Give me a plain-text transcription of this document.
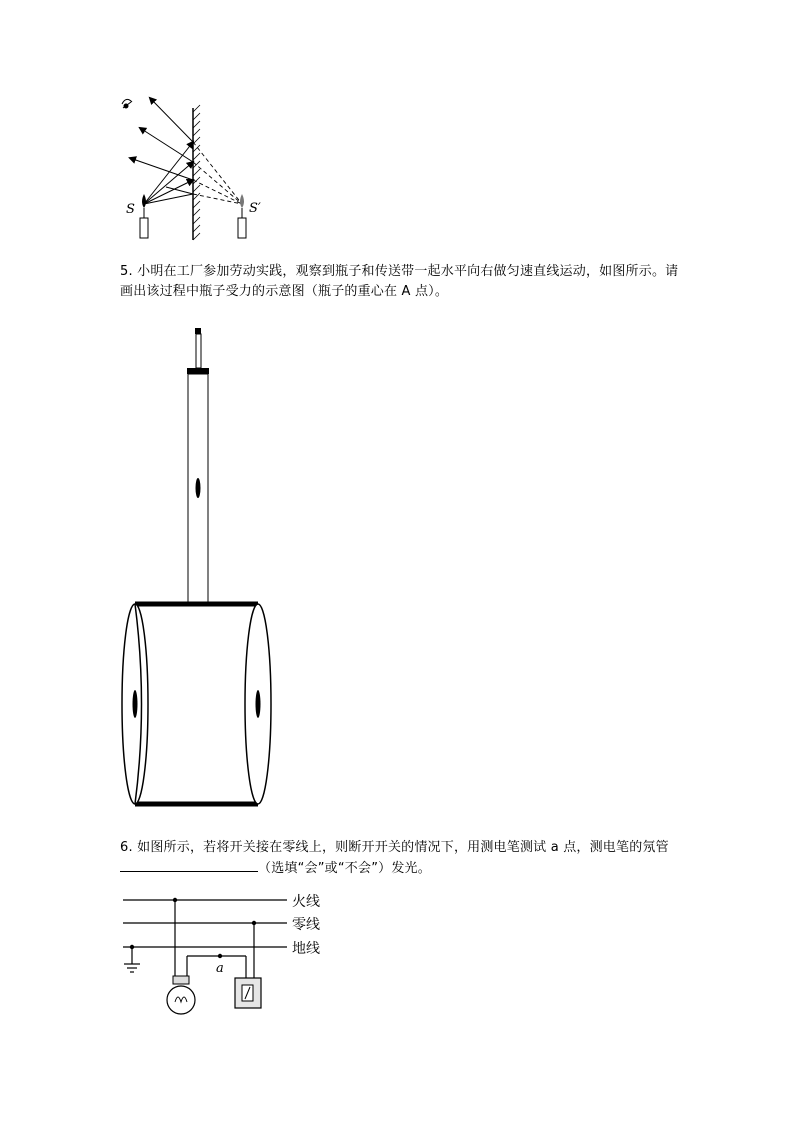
S	S′
5. 小明在工厂参加劳动实践，观察到瓶子和传送带一起水平向右做匀速直线运动，如图所示。请画出该过程中瓶子受力的示意图（瓶子的重心在 A 点）。
6. 如图所示，若将开关接在零线上，则断开开关的情况下，用测电笔测试 a 点，测电笔的氖管（选填“会”或“不会”）发光。
a
火线
零线
地线
